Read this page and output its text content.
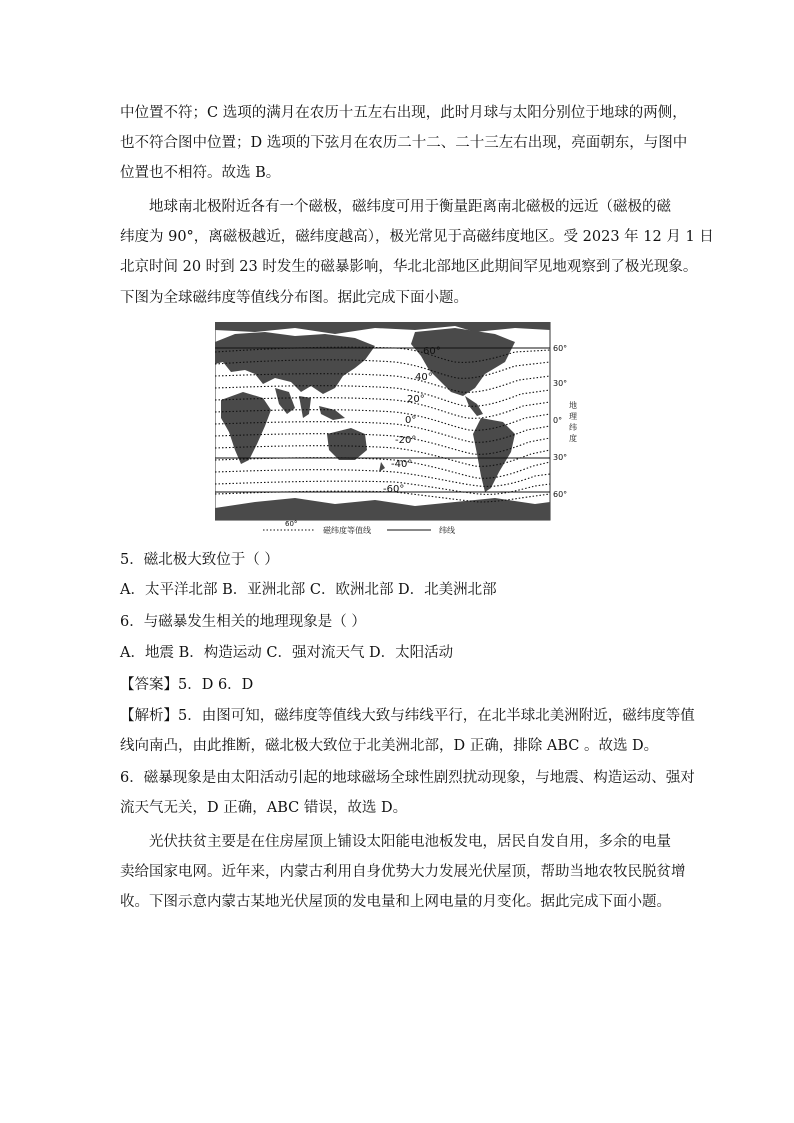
中位置不符；C 选项的满月在农历十五左右出现，此时月球与太阳分别位于地球的两侧，
也不符合图中位置；D 选项的下弦月在农历二十二、二十三左右出现，亮面朝东，与图中
位置也不相符。故选 B。
地球南北极附近各有一个磁极，磁纬度可用于衡量距离南北磁极的远近（磁极的磁
纬度为 90°，离磁极越近，磁纬度越高），极光常见于高磁纬度地区。受 2023 年 12 月 1 日
北京时间 20 时到 23 时发生的磁暴影响，华北北部地区此期间罕见地观察到了极光现象。
下图为全球磁纬度等值线分布图。据此完成下面小题。
60°
40°
20°
0°
-20°
-40°
-60°
60°
30°
0°
30°
60°
地
理
纬
度
60°
磁纬度等值线	纬线
5．磁北极大致位于（ ）
A．太平洋北部 B．亚洲北部 C．欧洲北部 D．北美洲北部
6．与磁暴发生相关的地理现象是（ ）
A．地震 B．构造运动 C．强对流天气 D．太阳活动
【答案】5．D 6．D
【解析】5．由图可知，磁纬度等值线大致与纬线平行，在北半球北美洲附近，磁纬度等值
线向南凸，由此推断，磁北极大致位于北美洲北部，D 正确，排除 ABC 。故选 D。
6．磁暴现象是由太阳活动引起的地球磁场全球性剧烈扰动现象，与地震、构造运动、强对
流天气无关，D 正确，ABC 错误，故选 D。
光伏扶贫主要是在住房屋顶上铺设太阳能电池板发电，居民自发自用，多余的电量
卖给国家电网。近年来，内蒙古利用自身优势大力发展光伏屋顶，帮助当地农牧民脱贫增
收。下图示意内蒙古某地光伏屋顶的发电量和上网电量的月变化。据此完成下面小题。
